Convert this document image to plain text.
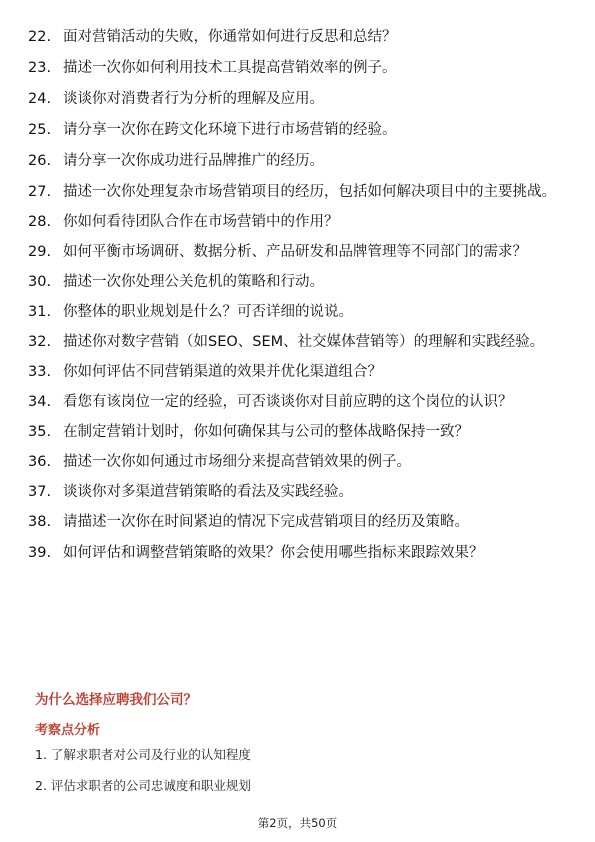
22. 面对营销活动的失败，你通常如何进行反思和总结？
23. 描述一次你如何利用技术工具提高营销效率的例子。
24. 谈谈你对消费者行为分析的理解及应用。
25. 请分享一次你在跨文化环境下进行市场营销的经验。
26. 请分享一次你成功进行品牌推广的经历。
27. 描述一次你处理复杂市场营销项目的经历，包括如何解决项目中的主要挑战。
28. 你如何看待团队合作在市场营销中的作用？
29. 如何平衡市场调研、数据分析、产品研发和品牌管理等不同部门的需求？
30. 描述一次你处理公关危机的策略和行动。
31. 你整体的职业规划是什么？可否详细的说说。
32. 描述你对数字营销（如SEO、SEM、社交媒体营销等）的理解和实践经验。
33. 你如何评估不同营销渠道的效果并优化渠道组合？
34. 看您有该岗位一定的经验，可否谈谈你对目前应聘的这个岗位的认识？
35. 在制定营销计划时，你如何确保其与公司的整体战略保持一致？
36. 描述一次你如何通过市场细分来提高营销效果的例子。
37. 谈谈你对多渠道营销策略的看法及实践经验。
38. 请描述一次你在时间紧迫的情况下完成营销项目的经历及策略。
39. 如何评估和调整营销策略的效果？你会使用哪些指标来跟踪效果？
为什么选择应聘我们公司？
考察点分析
1. 了解求职者对公司及行业的认知程度
2. 评估求职者的公司忠诚度和职业规划
第2页，共50页
